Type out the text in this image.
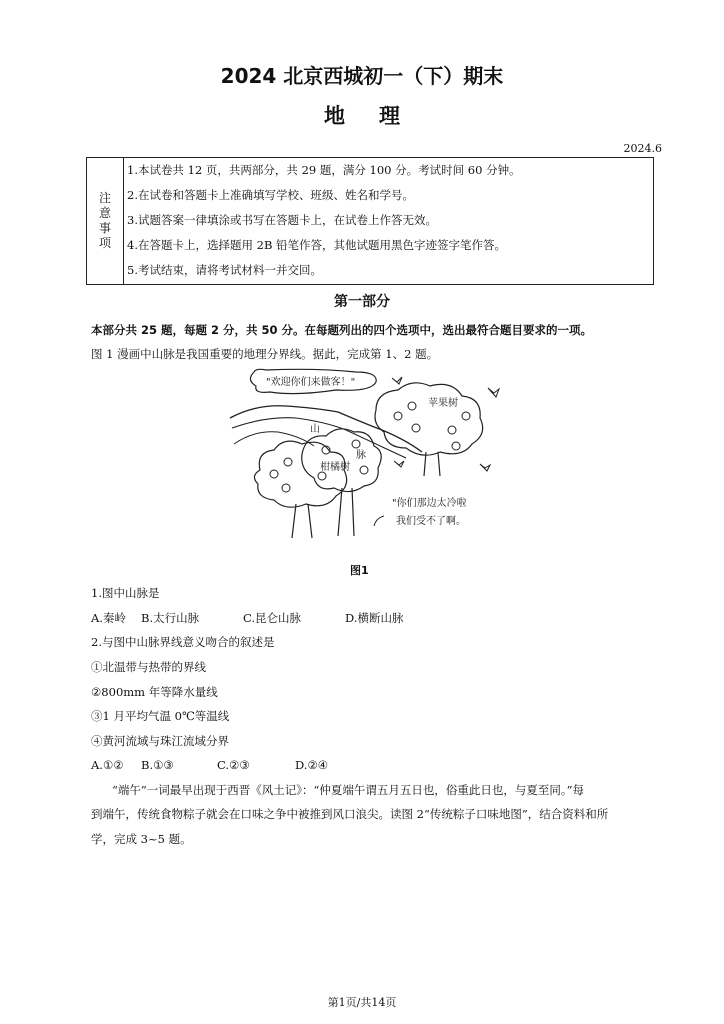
2024 北京西城初一（下）期末
地理
2024.6
注
意
事
项

1.本试卷共 12 页，共两部分，共 29 题，满分 100 分。考试时间 60 分钟。
2.在试卷和答题卡上准确填写学校、班级、姓名和学号。
3.试题答案一律填涂或书写在答题卡上，在试卷上作答无效。
4.在答题卡上，选择题用 2B 铅笔作答，其他试题用黑色字迹签字笔作答。
5.考试结束，请将考试材料一并交回。
第一部分
本部分共 25 题，每题 2 分，共 50 分。在每题列出的四个选项中，选出最符合题目要求的一项。
图 1 漫画中山脉是我国重要的地理分界线。据此，完成第 1、2 题。
"欢迎你们来做客！"
山
脉
苹果树
柑橘树
"你们那边太冷啦
我们受不了啊。
图1
1.图中山脉是
A.秦岭 B.太行山脉	C.昆仑山脉	D.横断山脉
2.与图中山脉界线意义吻合的叙述是
①北温带与热带的界线
②800mm 年等降水量线
③1 月平均气温 0℃等温线
④黄河流域与珠江流域分界
A.①② B.①③	C.②③	D.②④
“端午”一词最早出现于西晋《风土记》：“仲夏端午谓五月五日也，俗重此日也，与夏至同。”每
到端午，传统食物粽子就会在口味之争中被推到风口浪尖。读图 2“传统粽子口味地图”，结合资料和所
学，完成 3~5 题。
第1页/共14页
